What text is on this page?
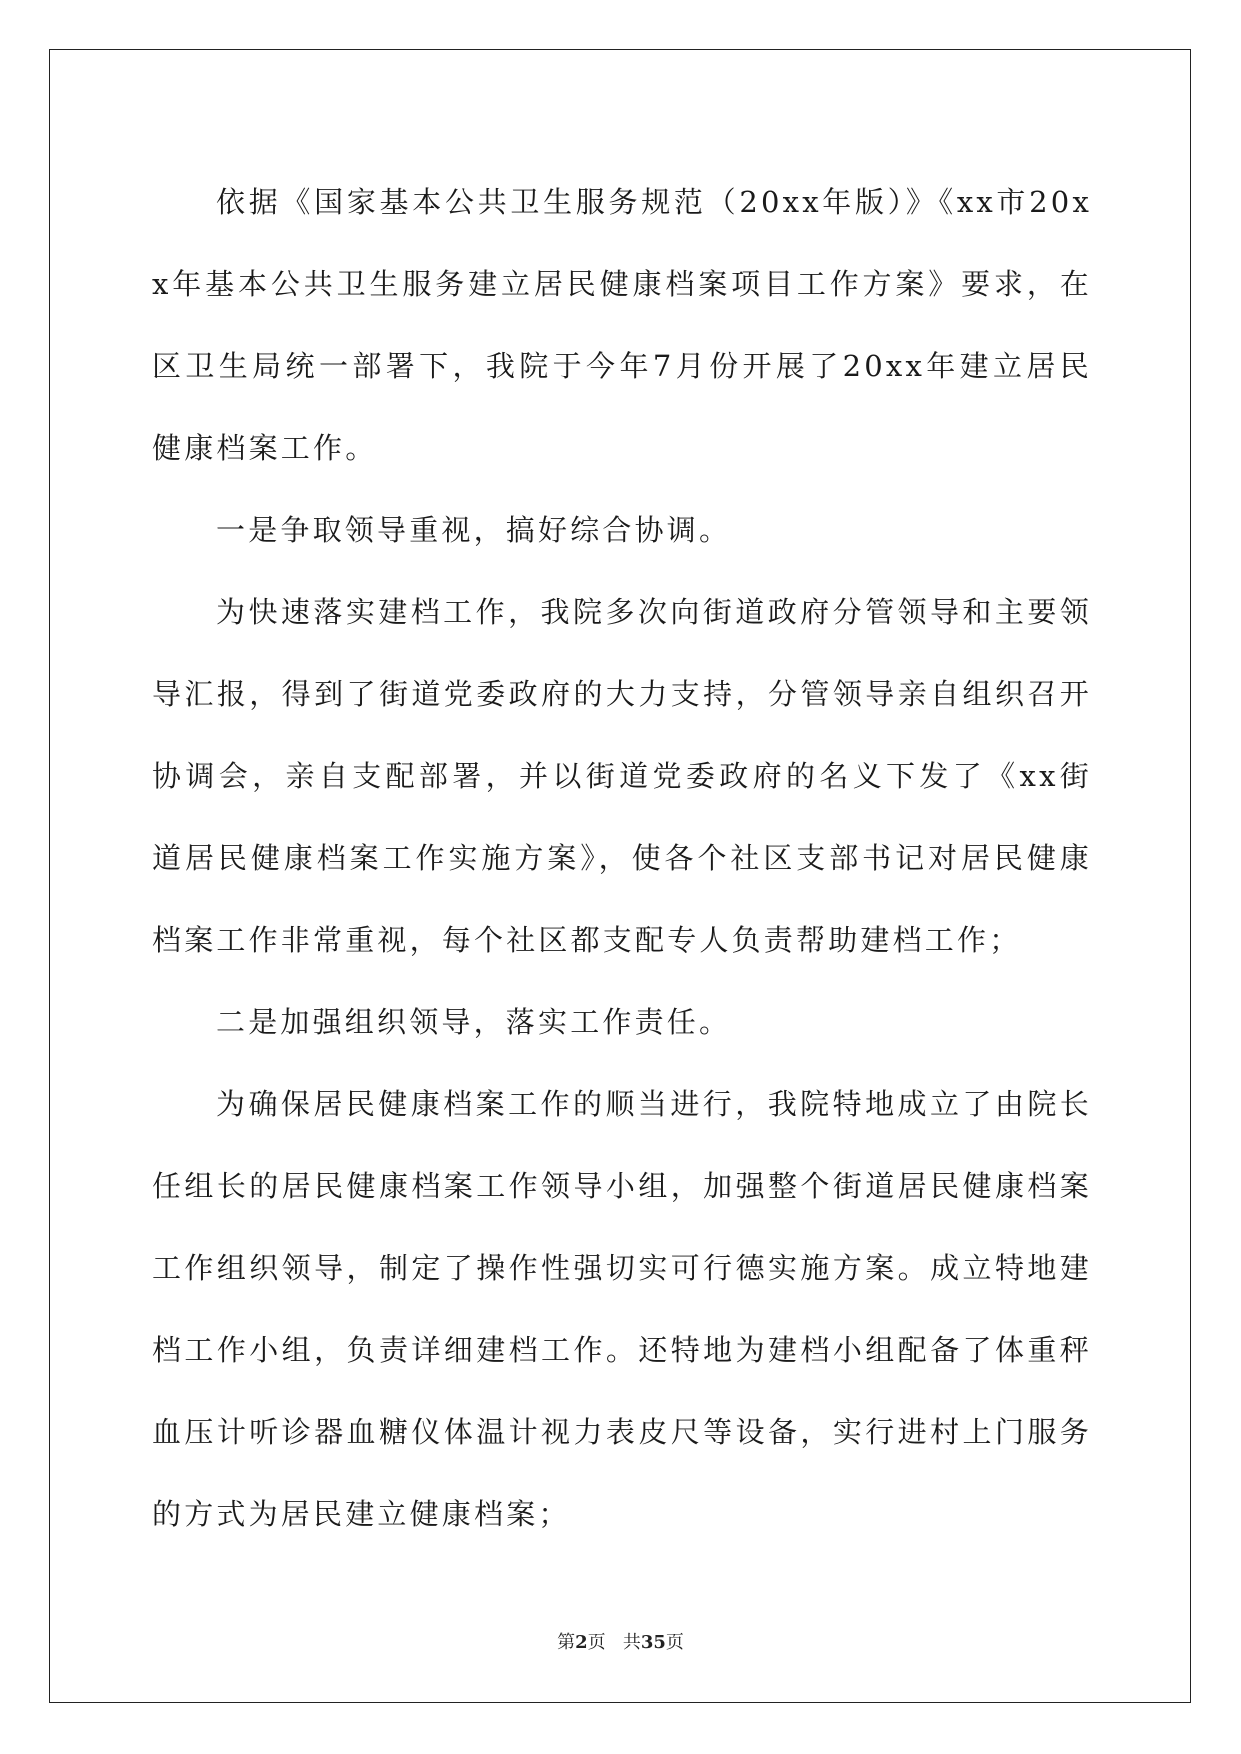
依据《国家基本公共卫生服务规范（20xx年版）》《xx市20xx年基本公共卫生服务建立居民健康档案项目工作方案》要求，在区卫生局统一部署下，我院于今年7月份开展了20xx年建立居民健康档案工作。

一是争取领导重视，搞好综合协调。

为快速落实建档工作，我院多次向街道政府分管领导和主要领导汇报，得到了街道党委政府的大力支持，分管领导亲自组织召开协调会，亲自支配部署，并以街道党委政府的名义下发了《xx街道居民健康档案工作实施方案》，使各个社区支部书记对居民健康档案工作非常重视，每个社区都支配专人负责帮助建档工作；

二是加强组织领导，落实工作责任。

为确保居民健康档案工作的顺当进行，我院特地成立了由院长任组长的居民健康档案工作领导小组，加强整个街道居民健康档案工作组织领导，制定了操作性强切实可行德实施方案。成立特地建档工作小组，负责详细建档工作。还特地为建档小组配备了体重秤血压计听诊器血糖仪体温计视力表皮尺等设备，实行进村上门服务的方式为居民建立健康档案；

第2页 共35页
